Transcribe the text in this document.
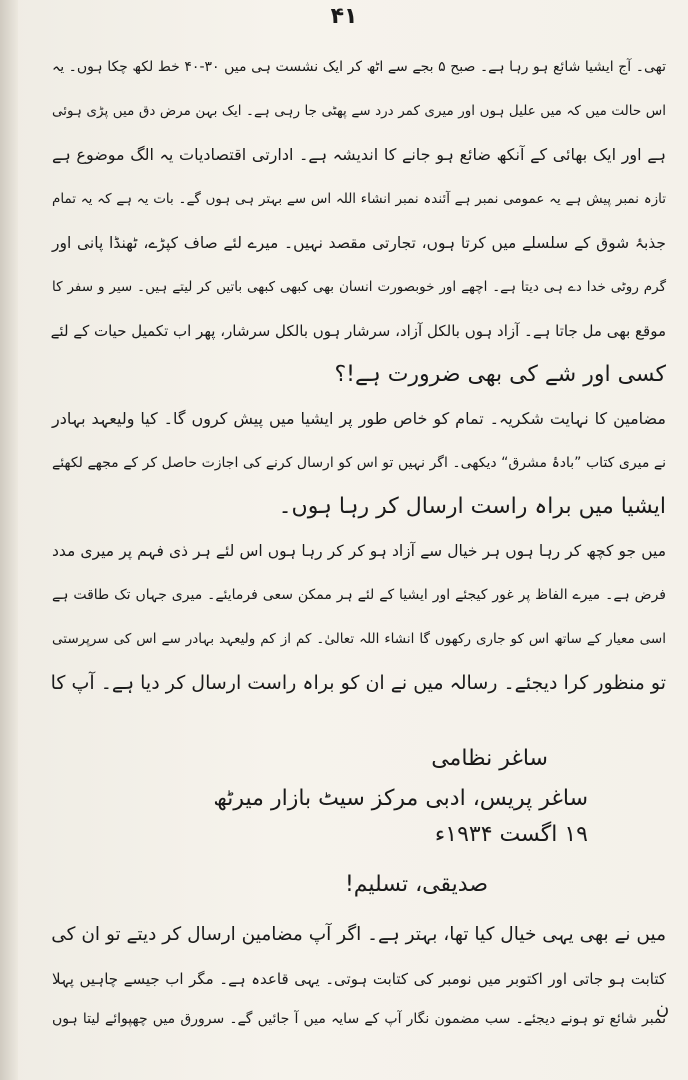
۴۱
تھی۔ آج ایشیا شائع ہو رہا ہے۔ صبح ۵ بجے سے اٹھ کر ایک نشست ہی میں ۳۰-۴۰ خط لکھ چکا ہوں۔ یہ
اس حالت میں کہ میں علیل ہوں اور میری کمر درد سے پھٹی جا رہی ہے۔ ایک بہن مرض دق میں پڑی ہوئی
ہے اور ایک بھائی کے آنکھ ضائع ہو جانے کا اندیشہ ہے۔ ادارتی اقتصادیات یہ الگ موضوع ہے
تازہ نمبر پیش ہے یہ عمومی نمبر ہے آئندہ نمبر انشاء اللہ اس سے بہتر ہی ہوں گے۔ بات یہ ہے کہ یہ تمام
جذبۂ شوق کے سلسلے میں کرتا ہوں، تجارتی مقصد نہیں۔ میرے لئے صاف کپڑے، ٹھنڈا پانی اور
گرم روٹی خدا دے ہی دیتا ہے۔ اچھے اور خوبصورت انسان بھی کبھی کبھی باتیں کر لیتے ہیں۔ سیر و سفر کا
موقع بھی مل جاتا ہے۔ آزاد ہوں بالکل آزاد، سرشار ہوں بالکل سرشار، پھر اب تکمیل حیات کے لئے
کسی اور شے کی بھی ضرورت ہے!؟
مضامین کا نہایت شکریہ۔ تمام کو خاص طور پر ایشیا میں پیش کروں گا۔ کیا ولیعہد بہادر
نے میری کتاب ”بادۂ مشرق“ دیکھی۔ اگر نہیں تو اس کو ارسال کرنے کی اجازت حاصل کر کے مجھے لکھئے
ایشیا میں براہ راست ارسال کر رہا ہوں۔
میں جو کچھ کر رہا ہوں ہر خیال سے آزاد ہو کر کر رہا ہوں اس لئے ہر ذی فہم پر میری مدد
فرض ہے۔ میرے الفاظ پر غور کیجئے اور ایشیا کے لئے ہر ممکن سعی فرمایئے۔ میری جہاں تک طاقت ہے
اسی معیار کے ساتھ اس کو جاری رکھوں گا انشاء اللہ تعالیٰ۔ کم از کم ولیعہد بہادر سے اس کی سرپرستی
تو منظور کرا دیجئے۔ رسالہ میں نے ان کو براہ راست ارسال کر دیا ہے۔ آپ کا
ساغر نظامی
ساغر پریس، ادبی مرکز سیٹ بازار میرٹھ
۱۹ اگست ۱۹۳۴ء
صدیقی، تسلیم!
میں نے بھی یہی خیال کیا تھا، بہتر ہے۔ اگر آپ مضامین ارسال کر دیتے تو ان کی
کتابت ہو جاتی اور اکتوبر میں نومبر کی کتابت ہوتی۔ یہی قاعدہ ہے۔ مگر اب جیسے چاہیں پہلا
نمبر شائع تو ہونے دیجئے۔ سب مضمون نگار آپ کے سایہ میں آ جائیں گے۔ سرورق میں چھپوائے لیتا ہوں
ن
